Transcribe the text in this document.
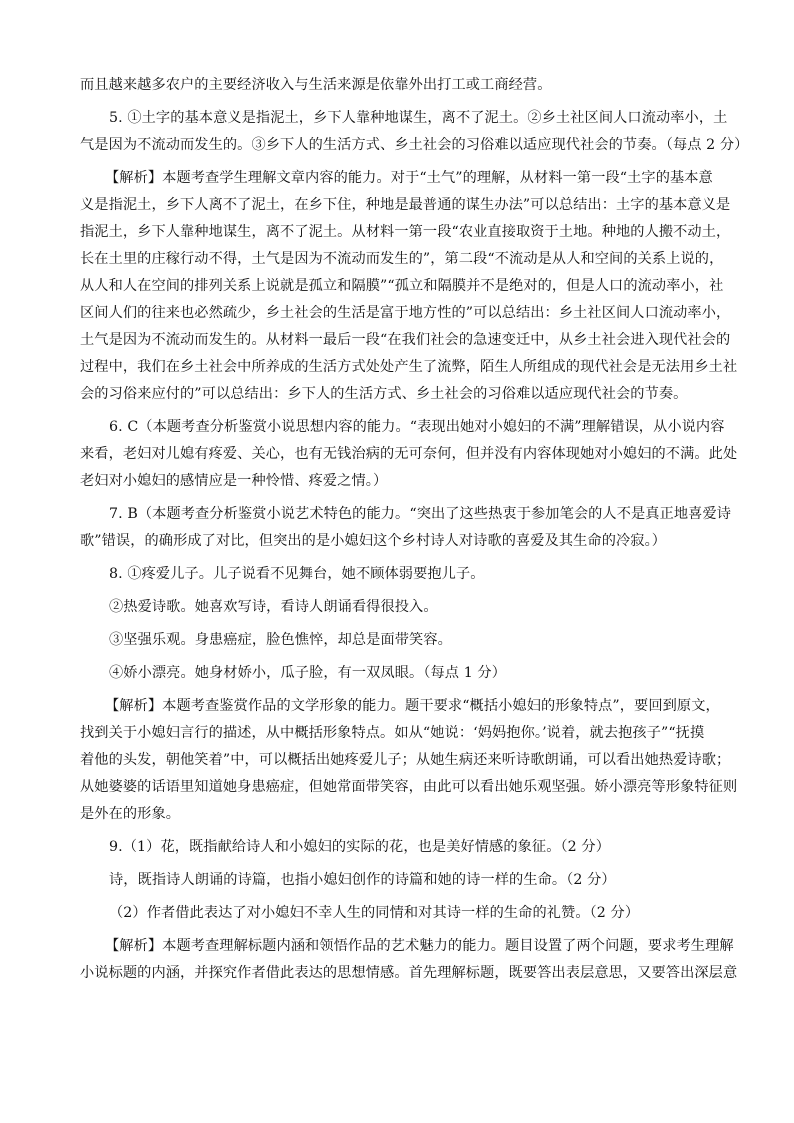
而且越来越多农户的主要经济收入与生活来源是依靠外出打工或工商经营。

5. ①土字的基本意义是指泥土，乡下人靠种地谋生，离不了泥土。②乡土社区间人口流动率小，土

气是因为不流动而发生的。③乡下人的生活方式、乡土社会的习俗难以适应现代社会的节奏。（每点 2 分）

【解析】本题考查学生理解文章内容的能力。对于“土气”的理解，从材料一第一段“土字的基本意

义是指泥土，乡下人离不了泥土，在乡下住，种地是最普通的谋生办法”可以总结出：土字的基本意义是

指泥土，乡下人靠种地谋生，离不了泥土。从材料一第一段“农业直接取资于土地。种地的人搬不动土，

长在土里的庄稼行动不得，土气是因为不流动而发生的”，第二段“不流动是从人和空间的关系上说的，

从人和人在空间的排列关系上说就是孤立和隔膜”“孤立和隔膜并不是绝对的，但是人口的流动率小，社

区间人们的往来也必然疏少，乡土社会的生活是富于地方性的”可以总结出：乡土社区间人口流动率小，

土气是因为不流动而发生的。从材料一最后一段“在我们社会的急速变迁中，从乡土社会进入现代社会的

过程中，我们在乡土社会中所养成的生活方式处处产生了流弊，陌生人所组成的现代社会是无法用乡土社

会的习俗来应付的”可以总结出：乡下人的生活方式、乡土社会的习俗难以适应现代社会的节奏。

6. C（本题考查分析鉴赏小说思想内容的能力。“表现出她对小媳妇的不满”理解错误，从小说内容

来看，老妇对儿媳有疼爱、关心，也有无钱治病的无可奈何，但并没有内容体现她对小媳妇的不满。此处

老妇对小媳妇的感情应是一种怜惜、疼爱之情。）

7. B（本题考查分析鉴赏小说艺术特色的能力。“突出了这些热衷于参加笔会的人不是真正地喜爱诗

歌”错误，的确形成了对比，但突出的是小媳妇这个乡村诗人对诗歌的喜爱及其生命的冷寂。）

8. ①疼爱儿子。儿子说看不见舞台，她不顾体弱要抱儿子。

②热爱诗歌。她喜欢写诗，看诗人朗诵看得很投入。

③坚强乐观。身患癌症，脸色憔悴，却总是面带笑容。

④娇小漂亮。她身材娇小，瓜子脸，有一双凤眼。（每点 1 分）

【解析】本题考查鉴赏作品的文学形象的能力。题干要求“概括小媳妇的形象特点”，要回到原文，

找到关于小媳妇言行的描述，从中概括形象特点。如从“她说：‘妈妈抱你。’说着，就去抱孩子”“抚摸

着他的头发，朝他笑着”中，可以概括出她疼爱儿子；从她生病还来听诗歌朗诵，可以看出她热爱诗歌；

从她婆婆的话语里知道她身患癌症，但她常面带笑容，由此可以看出她乐观坚强。娇小漂亮等形象特征则

是外在的形象。

9.（1）花，既指献给诗人和小媳妇的实际的花，也是美好情感的象征。（2 分）

诗，既指诗人朗诵的诗篇，也指小媳妇创作的诗篇和她的诗一样的生命。（2 分）

（2）作者借此表达了对小媳妇不幸人生的同情和对其诗一样的生命的礼赞。（2 分）

【解析】本题考查理解标题内涵和领悟作品的艺术魅力的能力。题目设置了两个问题，要求考生理解

小说标题的内涵，并探究作者借此表达的思想情感。首先理解标题，既要答出表层意思，又要答出深层意
